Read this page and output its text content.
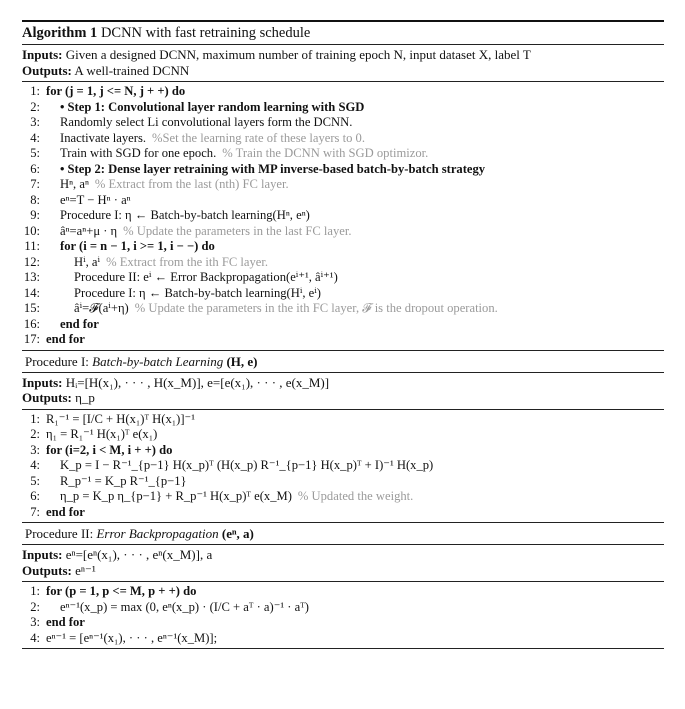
Algorithm 1 DCNN with fast retraining schedule
Inputs: Given a designed DCNN, maximum number of training epoch N, input dataset X, label T
Outputs: A well-trained DCNN
1: for (j = 1, j <= N, j + +) do
2:	• Step 1: Convolutional layer random learning with SGD
3:	Randomly select Li convolutional layers form the DCNN.
4:	Inactivate layers. %Set the learning rate of these layers to 0.
5:	Train with SGD for one epoch. % Train the DCNN with SGD optimizor.
6:	• Step 2: Dense layer retraining with MP inverse-based batch-by-batch strategy
7:	Hⁿ, aⁿ % Extract from the last (nth) FC layer.
8:	eⁿ=T − Hⁿ · aⁿ
9:	Procedure I: η ← Batch-by-batch learning(Hⁿ, eⁿ)
10:	âⁿ=aⁿ+μ · η % Update the parameters in the last FC layer.
11:	for (i = n − 1, i >= 1, i − −) do
12:	Hⁱ, aⁱ % Extract from the ith FC layer.
13:	Procedure II: eⁱ ← Error Backpropagation(eⁱ⁺¹, âⁱ⁺¹)
14:	Procedure I: η ← Batch-by-batch learning(Hⁱ, eⁱ)
15:	âⁱ=𝓕(aⁱ+η) % Update the parameters in the ith FC layer, 𝓕 is the dropout operation.
16:	end for
17: end for
Procedure I: Batch-by-batch Learning (H, e)
Inputs: Hᵢ=[H(x₁), · · · , H(x_M)], e=[e(x₁), · · · , e(x_M)]
Outputs: η_p
1: R₁⁻¹ = [I/C + H(x₁)ᵀ H(x₁)]⁻¹
2: η₁ = R₁⁻¹ H(x₁)ᵀ e(x₁)
3: for (i=2, i < M, i + +) do
4:	K_p = I − R⁻¹_{p−1} H(x_p)ᵀ (H(x_p) R⁻¹_{p−1} H(x_p)ᵀ + I)⁻¹ H(x_p)
5:	R_p⁻¹ = K_p R⁻¹_{p−1}
6:	η_p = K_p η_{p−1} + R_p⁻¹ H(x_p)ᵀ e(x_M) % Updated the weight.
7: end for
Procedure II: Error Backpropagation (eⁿ, a)
Inputs: eⁿ=[eⁿ(x₁), · · · , eⁿ(x_M)], a
Outputs: eⁿ⁻¹
1: for (p = 1, p <= M, p + +) do
2:	eⁿ⁻¹(x_p) = max (0, eⁿ(x_p) · (I/C + aᵀ · a)⁻¹ · aᵀ)
3: end for
4: eⁿ⁻¹ = [eⁿ⁻¹(x₁), · · · , eⁿ⁻¹(x_M)];
